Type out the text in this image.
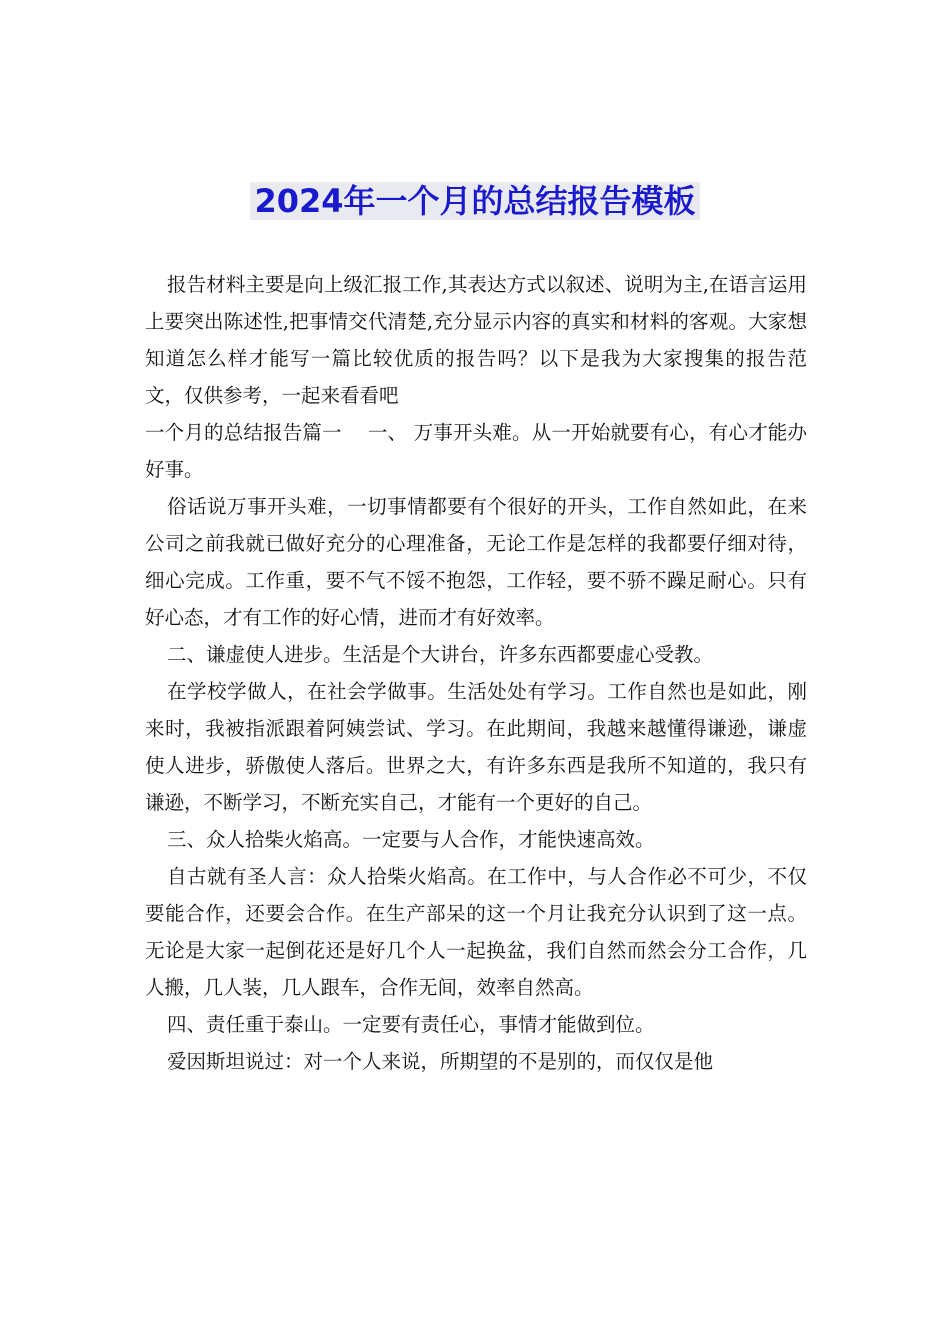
2024年一个月的总结报告模板

报告材料主要是向上级汇报工作,其表达方式以叙述、说明为主,在语言运用上要突出陈述性,把事情交代清楚,充分显示内容的真实和材料的客观。大家想知道怎么样才能写一篇比较优质的报告吗？以下是我为大家搜集的报告范文，仅供参考，一起来看看吧

一个月的总结报告篇一　 一、 万事开头难。从一开始就要有心，有心才能办好事。

俗话说万事开头难，一切事情都要有个很好的开头，工作自然如此，在来公司之前我就已做好充分的心理准备，无论工作是怎样的我都要仔细对待，细心完成。工作重，要不气不馁不抱怨，工作轻，要不骄不躁足耐心。只有好心态，才有工作的好心情，进而才有好效率。

二、谦虚使人进步。生活是个大讲台，许多东西都要虚心受教。

在学校学做人，在社会学做事。生活处处有学习。工作自然也是如此，刚来时，我被指派跟着阿姨尝试、学习。在此期间，我越来越懂得谦逊，谦虚使人进步，骄傲使人落后。世界之大，有许多东西是我所不知道的，我只有谦逊，不断学习，不断充实自己，才能有一个更好的自己。

三、众人拾柴火焰高。一定要与人合作，才能快速高效。

自古就有圣人言：众人拾柴火焰高。在工作中，与人合作必不可少，不仅要能合作，还要会合作。在生产部呆的这一个月让我充分认识到了这一点。无论是大家一起倒花还是好几个人一起换盆，我们自然而然会分工合作，几人搬，几人装，几人跟车，合作无间，效率自然高。

四、责任重于泰山。一定要有责任心，事情才能做到位。

爱因斯坦说过：对一个人来说，所期望的不是别的，而仅仅是他
